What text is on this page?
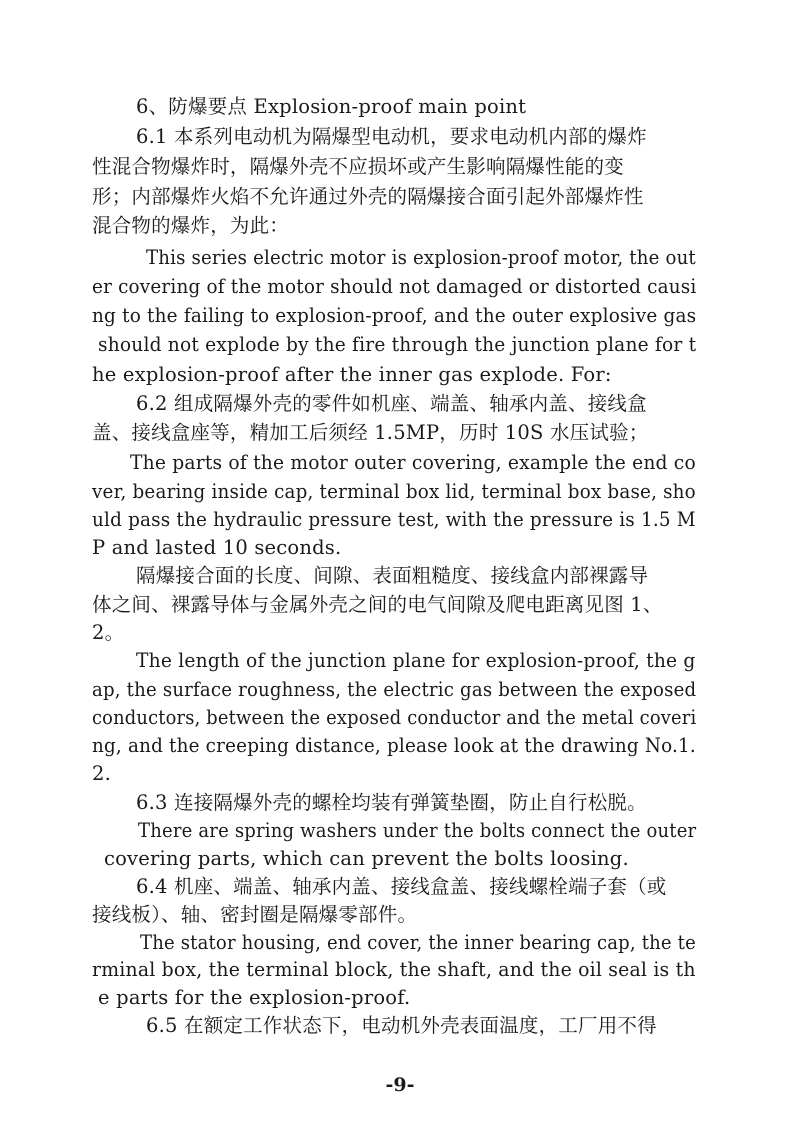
6、防爆要点 Explosion-proof main point
6.1 本系列电动机为隔爆型电动机，要求电动机内部的爆炸
性混合物爆炸时，隔爆外壳不应损坏或产生影响隔爆性能的变
形；内部爆炸火焰不允许通过外壳的隔爆接合面引起外部爆炸性
混合物的爆炸，为此：
This series electric motor is explosion-proof motor, the out
er covering of the motor should not damaged or distorted causi
ng to the failing to explosion-proof, and the outer explosive gas
should not explode by the fire through the junction plane for t
he explosion-proof after the inner gas explode. For:
6.2 组成隔爆外壳的零件如机座、端盖、轴承内盖、接线盒
盖、接线盒座等，精加工后须经 1.5MP，历时 10S 水压试验；
The parts of the motor outer covering, example the end co
ver, bearing inside cap, terminal box lid, terminal box base, sho
uld pass the hydraulic pressure test, with the pressure is 1.5 M
P and lasted 10 seconds.
隔爆接合面的长度、间隙、表面粗糙度、接线盒内部裸露导
体之间、裸露导体与金属外壳之间的电气间隙及爬电距离见图 1、
2。
The length of the junction plane for explosion-proof, the g
ap, the surface roughness, the electric gas between the exposed
conductors, between the exposed conductor and the metal coveri
ng, and the creeping distance, please look at the drawing No.1.
2.
6.3 连接隔爆外壳的螺栓均装有弹簧垫圈，防止自行松脱。
There are spring washers under the bolts connect the outer
covering parts, which can prevent the bolts loosing.
6.4 机座、端盖、轴承内盖、接线盒盖、接线螺栓端子套（或
接线板）、轴、密封圈是隔爆零部件。
The stator housing, end cover, the inner bearing cap, the te
rminal box, the terminal block, the shaft, and the oil seal is th
e parts for the explosion-proof.
6.5 在额定工作状态下，电动机外壳表面温度，工厂用不得
-9-
